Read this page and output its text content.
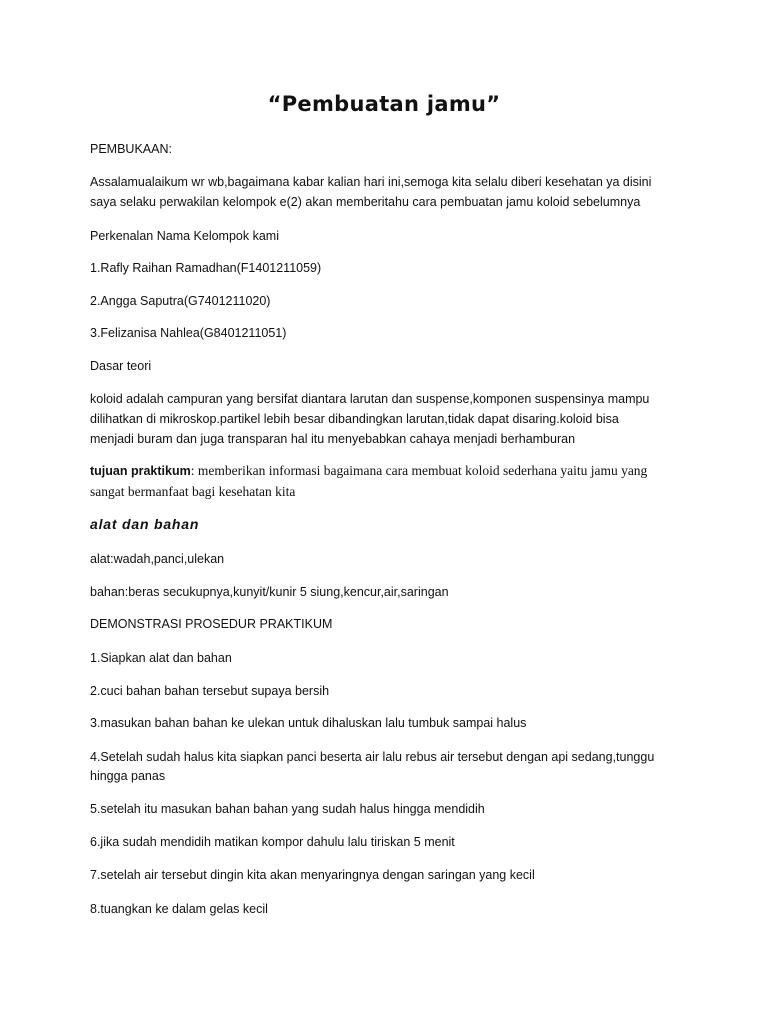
“Pembuatan jamu”
PEMBUKAAN:
Assalamualaikum wr wb,bagaimana kabar kalian hari ini,semoga kita selalu diberi kesehatan ya disini
saya selaku perwakilan kelompok e(2) akan memberitahu cara pembuatan jamu koloid sebelumnya
Perkenalan Nama Kelompok kami
1.Rafly Raihan Ramadhan(F1401211059)
2.Angga Saputra(G7401211020)
3.Felizanisa Nahlea(G8401211051)
Dasar teori
koloid adalah campuran yang bersifat diantara larutan dan suspense,komponen suspensinya mampu
dilihatkan di mikroskop.partikel lebih besar dibandingkan larutan,tidak dapat disaring.koloid bisa
menjadi buram dan juga transparan hal itu menyebabkan cahaya menjadi berhamburan
tujuan praktikum: memberikan informasi bagaimana cara membuat koloid sederhana yaitu jamu yang
sangat bermanfaat bagi kesehatan kita
alat dan bahan
alat:wadah,panci,ulekan
bahan:beras secukupnya,kunyit/kunir 5 siung,kencur,air,saringan
DEMONSTRASI PROSEDUR PRAKTIKUM
1.Siapkan alat dan bahan
2.cuci bahan bahan tersebut supaya bersih
3.masukan bahan bahan ke ulekan untuk dihaluskan lalu tumbuk sampai halus
4.Setelah sudah halus kita siapkan panci beserta air lalu rebus air tersebut dengan api sedang,tunggu
hingga panas
5.setelah itu masukan bahan bahan yang sudah halus hingga mendidih
6.jika sudah mendidih matikan kompor dahulu lalu tiriskan 5 menit
7.setelah air tersebut dingin kita akan menyaringnya dengan saringan yang kecil
8.tuangkan ke dalam gelas kecil
